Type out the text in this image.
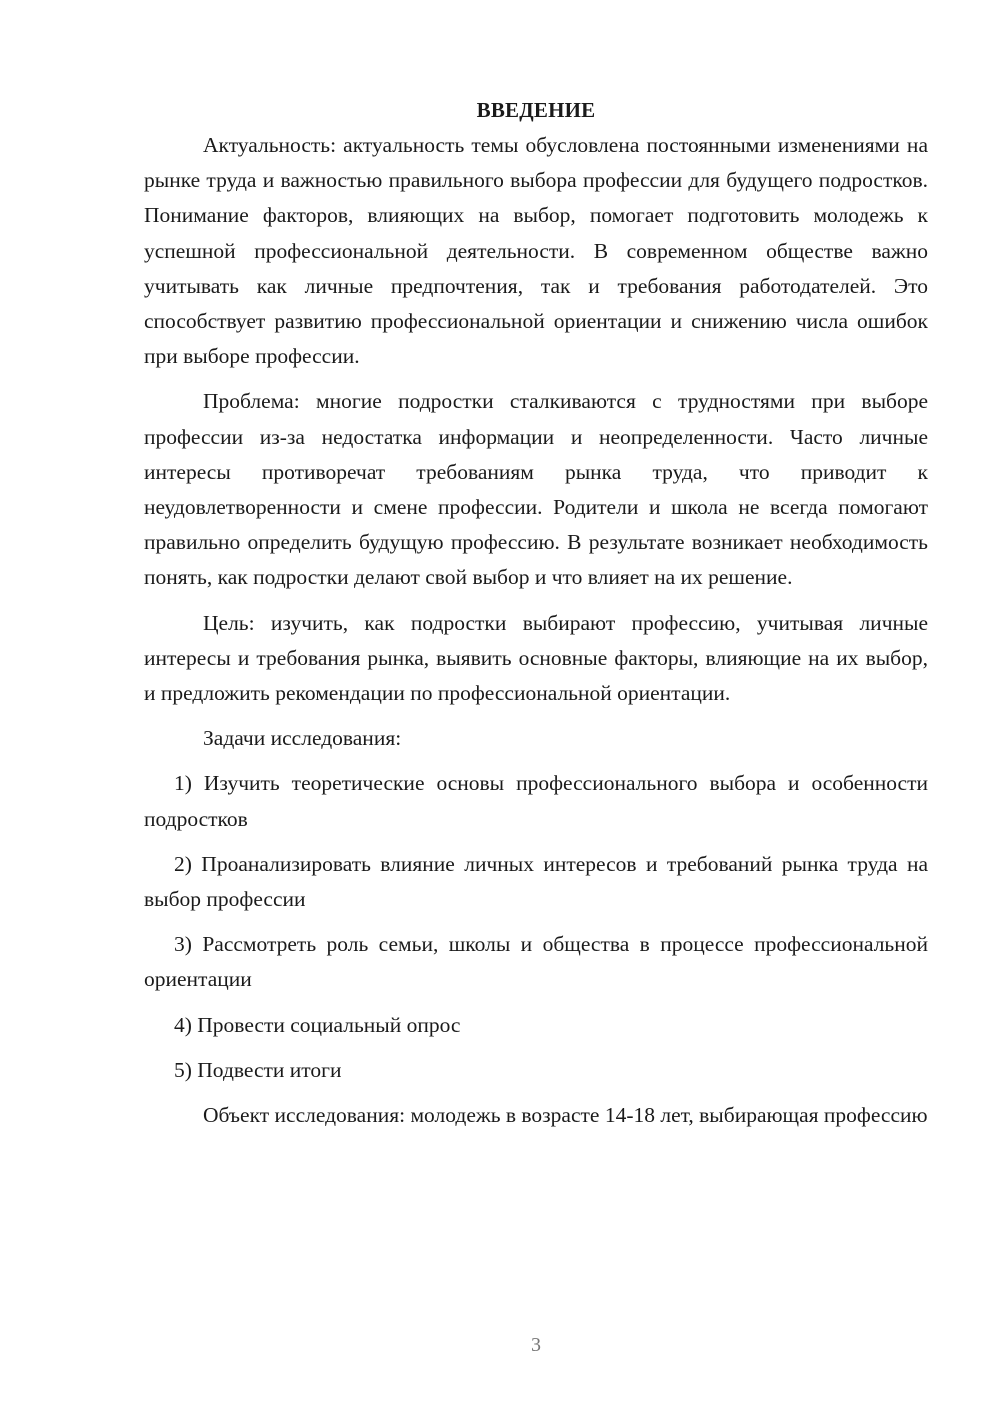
ВВЕДЕНИЕ

Актуальность: актуальность темы обусловлена постоянными изменениями на рынке труда и важностью правильного выбора профессии для будущего подростков. Понимание факторов, влияющих на выбор, помогает подготовить молодежь к успешной профессиональной деятельности. В современном обществе важно учитывать как личные предпочтения, так и требования работодателей. Это способствует развитию профессиональной ориентации и снижению числа ошибок при выборе профессии.

Проблема: многие подростки сталкиваются с трудностями при выборе профессии из-за недостатка информации и неопределенности. Часто личные интересы противоречат требованиям рынка труда, что приводит к неудовлетворенности и смене профессии. Родители и школа не всегда помогают правильно определить будущую профессию. В результате возникает необходимость понять, как подростки делают свой выбор и что влияет на их решение.

Цель: изучить, как подростки выбирают профессию, учитывая личные интересы и требования рынка, выявить основные факторы, влияющие на их выбор, и предложить рекомендации по профессиональной ориентации.

Задачи исследования:

1) Изучить теоретические основы профессионального выбора и особенности подростков

2) Проанализировать влияние личных интересов и требований рынка труда на выбор профессии

3) Рассмотреть роль семьи, школы и общества в процессе профессиональной ориентации

4) Провести социальный опрос

5) Подвести итоги

Объект исследования: молодежь в возрасте 14-18 лет, выбирающая профессию

3
